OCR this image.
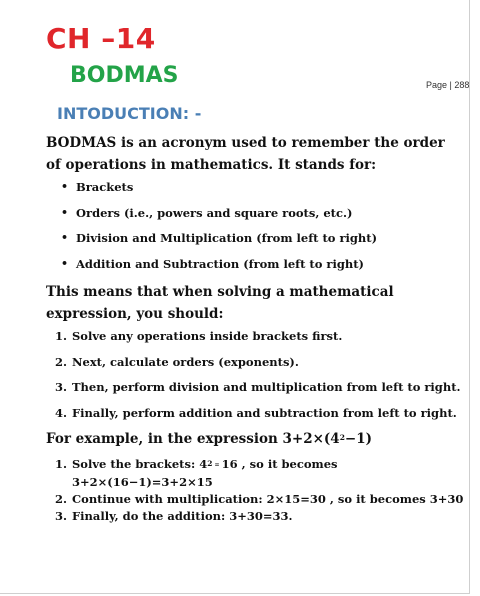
CH –14
BODMAS	Page | 288
INTODUCTION: -
BODMAS is an acronym used to remember the order of operations in mathematics. It stands for:
• Brackets
• Orders (i.e., powers and square roots, etc.)
• Division and Multiplication (from left to right)
• Addition and Subtraction (from left to right)
This means that when solving a mathematical expression, you should:
1. Solve any operations inside brackets first.
2. Next, calculate orders (exponents).
3. Then, perform division and multiplication from left to right.
4. Finally, perform addition and subtraction from left to right.
For example, in the expression $3+2\times(4^2-1)$
1. Solve the brackets: $4^2 = 16$ , so it becomes
3+2×(16−1)=3+2×15
2. Continue with multiplication: 2×15=30 , so it becomes 3+30
3. Finally, do the addition: 3+30=33.
